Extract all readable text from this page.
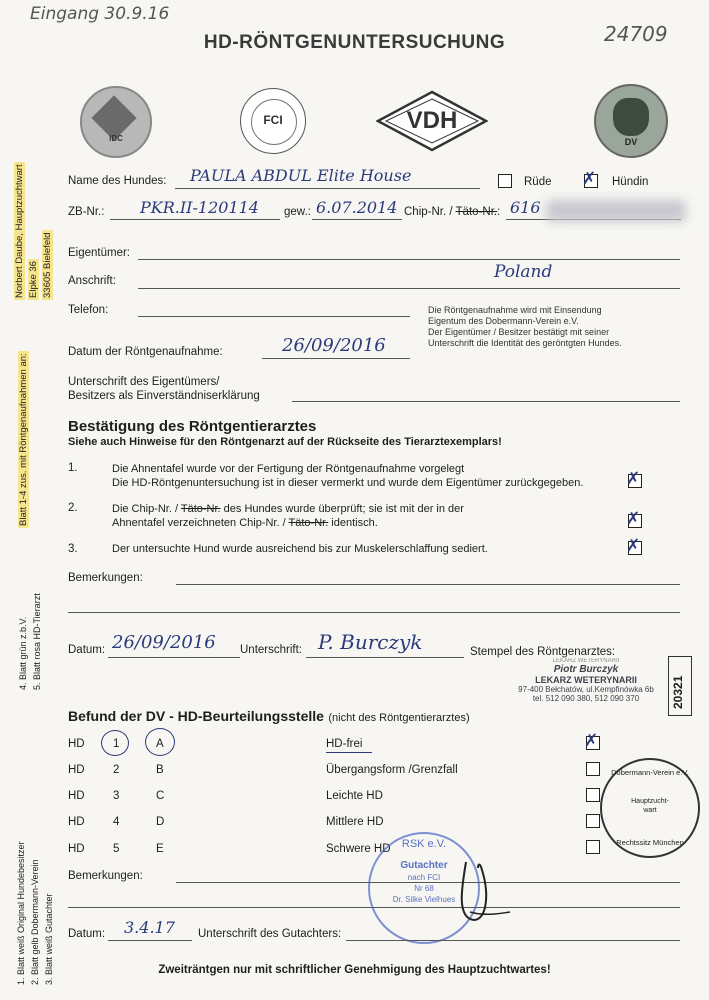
Eingang 30.9.16
24709
HD-RÖNTGENUNTERSUCHUNG
IDC
FCI	VDH
DV
Blatt 1-4 zus. mit Röntgenaufnahmen an:
Norbert Daube, Hauptzuchtwart Elpke 36 33605 Bielefeld
4. Blatt grün z.b.V. 5. Blatt rosa HD-Tierarzt
1. Blatt weiß Original Hundebesitzer 2. Blatt gelb Dobermann-Verein 3. Blatt weiß Gutachter
Name des Hundes: PAULA ABDUL Elite House	Rüde ✗ Hündin
ZB-Nr.: PKR.II-120114 gew.: 6.07.2014 Chip-Nr. / Täto-Nr.: 616
Eigentümer:
Anschrift:	Poland
Telefon:	Die Röntgenaufnahme wird mit Einsendung
Eigentum des Dobermann-Verein e.V.
Der Eigentümer / Besitzer bestätigt mit seiner
Unterschrift die Identität des geröntgten Hundes.
Datum der Röntgenaufnahme:	26/09/2016
Unterschrift des Eigentümers/
Besitzers als Einverständniserklärung
Bestätigung des Röntgentierarztes
Siehe auch Hinweise für den Röntgenarzt auf der Rückseite des Tierarztexemplars!
1.	Die Ahnentafel wurde vor der Fertigung der Röntgenaufnahme vorgelegt
Die HD-Röntgenuntersuchung ist in dieser vermerkt und wurde dem Eigentümer zurückgegeben.	✗
2.	Die Chip-Nr. / Täto-Nr. des Hundes wurde überprüft; sie ist mit der in der
Ahnentafel verzeichneten Chip-Nr. / Täto-Nr. identisch.	✗
3.	Der untersuchte Hund wurde ausreichend bis zur Muskelerschlaffung sediert.	✗
Bemerkungen:
Datum: 26/09/2016 Unterschrift: P. Burczyk	Stempel des Röntgenarztes:
LEKARZ WETERYNARII
Piotr Burczyk
LEKARZ WETERYNARII
97-400 Bełchatów, ul.Kempfinówka 6b
tel. 512 090 380, 512 090 370	20321
Befund der DV - HD-Beurteilungsstelle (nicht des Röntgentierarztes)
HD 1	A	HD-frei	✗
HD 2	B	Übergangsform /Grenzfall
HD 3	C	Leichte HD
HD 4	D	Mittlere HD
HD 5	E	Schwere HD
Dobermann-Verein e.V.
Hauptzucht-
wart
Rechtssitz München
Bemerkungen:
RSK e.V.
Gutachter
nach FCI
Nr 68
Dr. Silke Vielhues
Datum: 3.4.17 Unterschrift des Gutachters:
Zweiträntgen nur mit schriftlicher Genehmigung des Hauptzuchtwartes!
